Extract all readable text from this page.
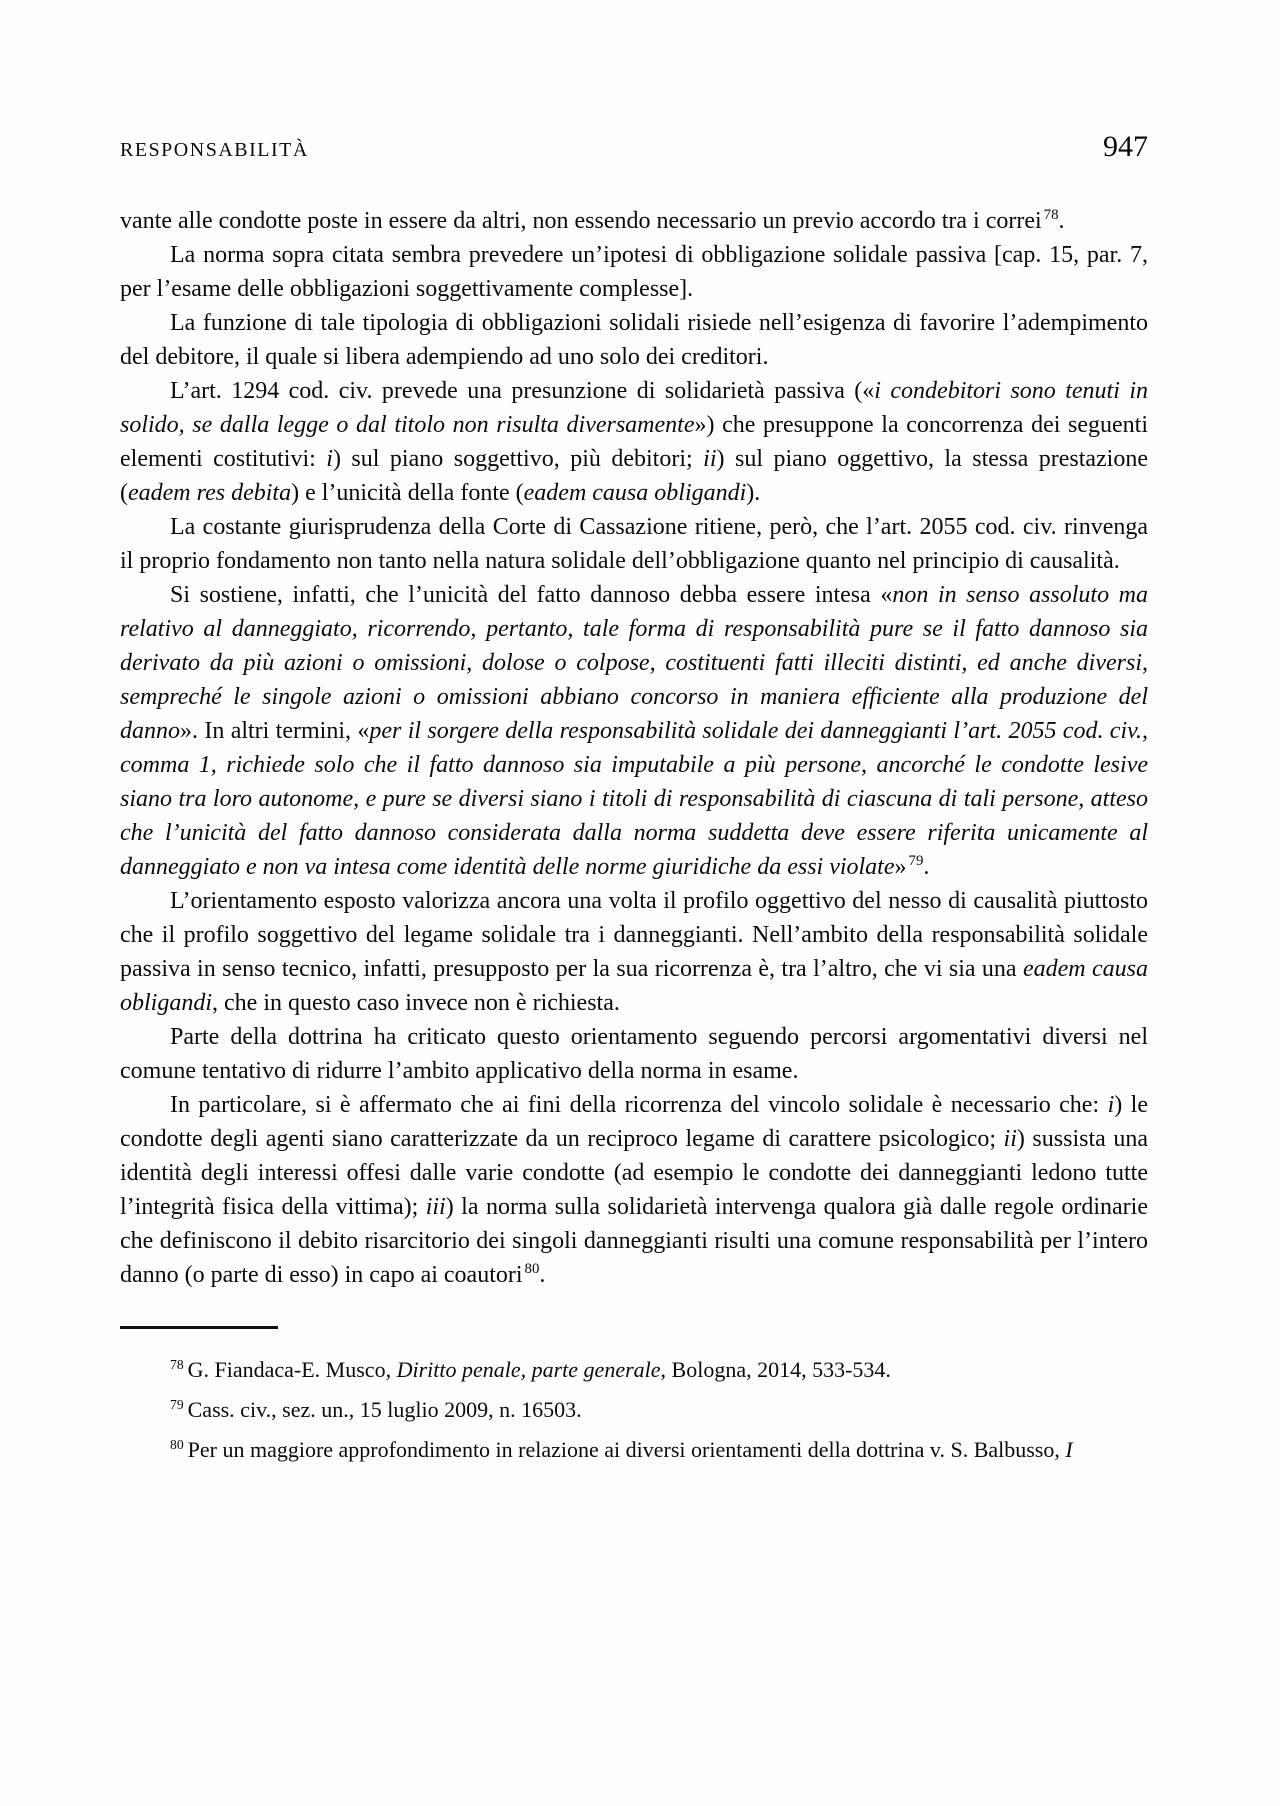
RESPONSABILITÀ	947

vante alle condotte poste in essere da altri, non essendo necessario un previo accordo tra i correi $^{78}$.

La norma sopra citata sembra prevedere un’ipotesi di obbligazione solidale passiva [cap. 15, par. 7, per l’esame delle obbligazioni soggettivamente complesse].

La funzione di tale tipologia di obbligazioni solidali risiede nell’esigenza di favorire l’adempimento del debitore, il quale si libera adempiendo ad uno solo dei creditori.

L’art. 1294 cod. civ. prevede una presunzione di solidarietà passiva («i condebitori sono tenuti in solido, se dalla legge o dal titolo non risulta diversamente») che presuppone la concorrenza dei seguenti elementi costitutivi: i) sul piano soggettivo, più debitori; ii) sul piano oggettivo, la stessa prestazione (eadem res debita) e l’unicità della fonte (eadem causa obligandi).

La costante giurisprudenza della Corte di Cassazione ritiene, però, che l’art. 2055 cod. civ. rinvenga il proprio fondamento non tanto nella natura solidale dell’obbligazione quanto nel principio di causalità.

Si sostiene, infatti, che l’unicità del fatto dannoso debba essere intesa «non in senso assoluto ma relativo al danneggiato, ricorrendo, pertanto, tale forma di responsabilità pure se il fatto dannoso sia derivato da più azioni o omissioni, dolose o colpose, costituenti fatti illeciti distinti, ed anche diversi, sempreché le singole azioni o omissioni abbiano concorso in maniera efficiente alla produzione del danno». In altri termini, «per il sorgere della responsabilità solidale dei danneggianti l’art. 2055 cod. civ., comma 1, richiede solo che il fatto dannoso sia imputabile a più persone, ancorché le condotte lesive siano tra loro autonome, e pure se diversi siano i titoli di responsabilità di ciascuna di tali persone, atteso che l’unicità del fatto dannoso considerata dalla norma suddetta deve essere riferita unicamente al danneggiato e non va intesa come identità delle norme giuridiche da essi violate» $^{79}$.

L’orientamento esposto valorizza ancora una volta il profilo oggettivo del nesso di causalità piuttosto che il profilo soggettivo del legame solidale tra i danneggianti. Nell’ambito della responsabilità solidale passiva in senso tecnico, infatti, presupposto per la sua ricorrenza è, tra l’altro, che vi sia una eadem causa obligandi, che in questo caso invece non è richiesta.

Parte della dottrina ha criticato questo orientamento seguendo percorsi argomentativi diversi nel comune tentativo di ridurre l’ambito applicativo della norma in esame.

In particolare, si è affermato che ai fini della ricorrenza del vincolo solidale è necessario che: i) le condotte degli agenti siano caratterizzate da un reciproco legame di carattere psicologico; ii) sussista una identità degli interessi offesi dalle varie condotte (ad esempio le condotte dei danneggianti ledono tutte l’integrità fisica della vittima); iii) la norma sulla solidarietà intervenga qualora già dalle regole ordinarie che definiscono il debito risarcitorio dei singoli danneggianti risulti una comune responsabilità per l’intero danno (o parte di esso) in capo ai coautori $^{80}$.

$^{78}$ G. Fiandaca-E. Musco, Diritto penale, parte generale, Bologna, 2014, 533-534.

$^{79}$ Cass. civ., sez. un., 15 luglio 2009, n. 16503.

$^{80}$ Per un maggiore approfondimento in relazione ai diversi orientamenti della dottrina v. S. Balbusso, I
